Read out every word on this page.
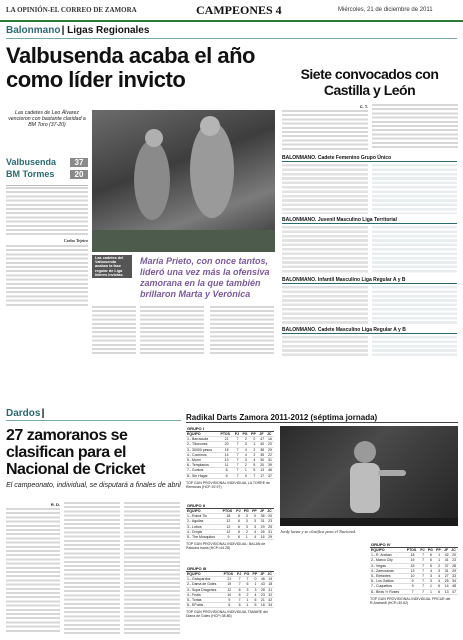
LA OPINIÓN-EL CORREO DE ZAMORA	CAMPEONES 4	Miércoles, 21 de diciembre de 2011
Balonmano | Ligas Regionales
Valbusenda acaba el año como líder invicto
Las cadetes de Leo Álvarez vencieron con bastante claridad a BM Toro (37-20)
Valbusenda	37
BM Tormes	20
Carlos Tejeiro
Las cadetes del Valbusenda acaban la fase regular de Liga líderes invictas.
María Prieto, con once tantos, lideró una vez más la ofensiva zamorana en la que también brillaron Marta y Verónica
Siete convocados con Castilla y León
C. T.
BALONMANO. Cadete Femenino Grupo Único
BALONMANO. Juvenil Masculino Liga Territorial
BALONMANO. Infantil Masculino Liga Regular A y B
BALONMANO. Cadete Masculino Liga Regular A y B
Dardos |
27 zamoranos se clasifican para el Nacional de Cricket
El campeonato, individual, se disputará a finales de abril
R. D.
Radikal Darts Zamora 2011-2012 (séptima jornada)
GRUPO I						
EQUIPO	PTOS	PJ	PG	PP	JF	JC
1.- Barracuda	21	7	2	0	47	16
2.- Tiburones	20	7	3	1	40	20
3.- 30000 pesos	15	7	4	2	38	29
4.- Cochinos	14	7	4	2	35	22
5.- Mumi	13	7	3	4	30	31
6.- Templarios	11	7	2	5	20	39
7.- Gurkos	8	7	1	5	13	46
8.- Sin Hogar	6	7	0	7	17	37
TOP GUN PROVISIONAL INDIVIDUAL LA TORRE de Remonas (HCP-92.97)
GRUPO II						
EQUIPO	PTOS	PJ	PG	PP	JF	JC
1.- Robot Tin	18	6	3	0	35	20
2.- Aguilas	12	6	3	3	31	23
3.- Lobos	12	6	3	3	29	25
4.- Dropis	12	6	2	4	25	31
5.- The Mosquitos	9	6	1	4	16	29
TOP GUN PROVISIONAL INDIVIDUAL: BALAN de Palacios Isaris (HCP=44.28)
GRUPO III						
EQUIPO	PTOS	PJ	PG	PP	JF	JC
1.- Gatopardos	21	7	7	0	46	19
2.- Dama de Goles	19	7	6	1	43	18
3.- Supa Dragones	12	6	3	3	28	31
4.- Frutis	10	6	2	4	23	32
5.- Tortas	9	7	1	6	21	42
6.- EPubis	6	6	1	5	16	34
TOP GUN PROVISIONAL INDIVIDUAL TAMARE del Diana de Goles (HCP=38.86)
Jordy lanza y se clasifica para el Nacional.
GRUPO IV						
EQUIPO	PTOS	PJ	PG	PP	JF	JC
1.- R. Arahan	18	7	6	1	42	20
2.- Marco City	19	7	6	1	41	23
3.- Vegas	15	7	5	2	37	28
4.- Zamoranas	13	7	4	3	31	29
5.- Elefantes	10	7	3	4	27	33
6.- Los Gatitos	9	7	3	4	25	34
7.- Cuquettos	9	7	1	6	14	48
8.- Birds 'n' Roses	7	7	1	6	13	47
TOP GUN PROVISIONAL INDIVIDUAL FPICUE del R.Arahan8 (HCP=30.62)
